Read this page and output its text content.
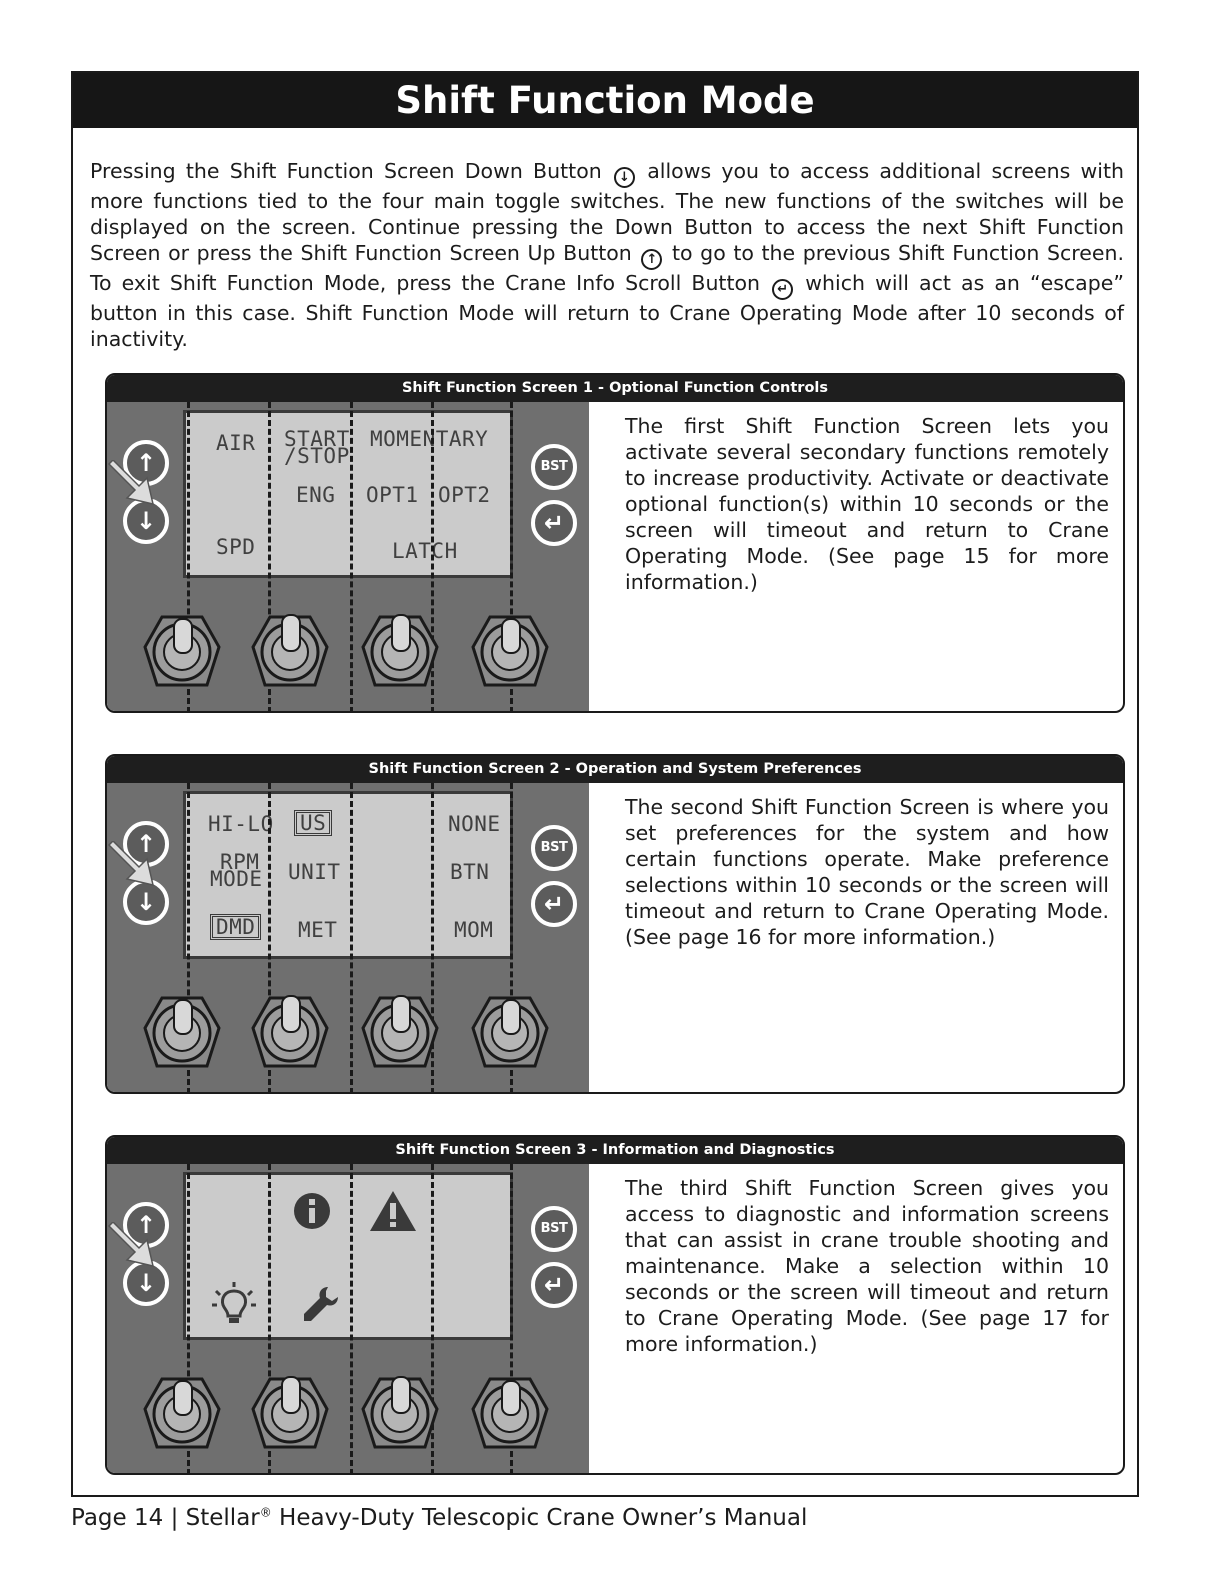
Shift Function Mode
Pressing the Shift Function Screen Down Button ↓ allows you to access additional screens with more functions tied to the four main toggle switches. The new functions of the switches will be displayed on the screen. Continue pressing the Down Button to access the next Shift Function Screen or press the Shift Function Screen Up Button ↑ to go to the previous Shift Function Screen. To exit Shift Function Mode, press the Crane Info Scroll Button ↵ which will act as an “escape” button in this case. Shift Function Mode will return to Crane Operating Mode after 10 seconds of inactivity.
Shift Function Screen 1 - Optional Function Controls
AIR
SPD
START
/STOP
ENG
MOMENTARY
OPT1 OPT2
LATCH
↑
↓
BST
↵
The first Shift Function Screen lets you activate several secondary functions remotely to increase productivity. Activate or deactivate optional function(s) within 10 seconds or the screen will timeout and return to Crane Operating Mode. (See page 15 for more information.)
Shift Function Screen 2 - Operation and System Preferences
HI-LO
RPM
MODE
DMD
US
UNIT
MET
NONE
BTN
MOM
↑
↓
BST
↵
The second Shift Function Screen is where you set preferences for the system and how certain functions operate. Make preference selections within 10 seconds or the screen will timeout and return to Crane Operating Mode. (See page 16 for more information.)
Shift Function Screen 3 - Information and Diagnostics
↑
↓
BST
↵
The third Shift Function Screen gives you access to diagnostic and information screens that can assist in crane trouble shooting and maintenance. Make a selection within 10 seconds or the screen will timeout and return to Crane Operating Mode. (See page 17 for more information.)
Page 14 | Stellar® Heavy-Duty Telescopic Crane Owner’s Manual
